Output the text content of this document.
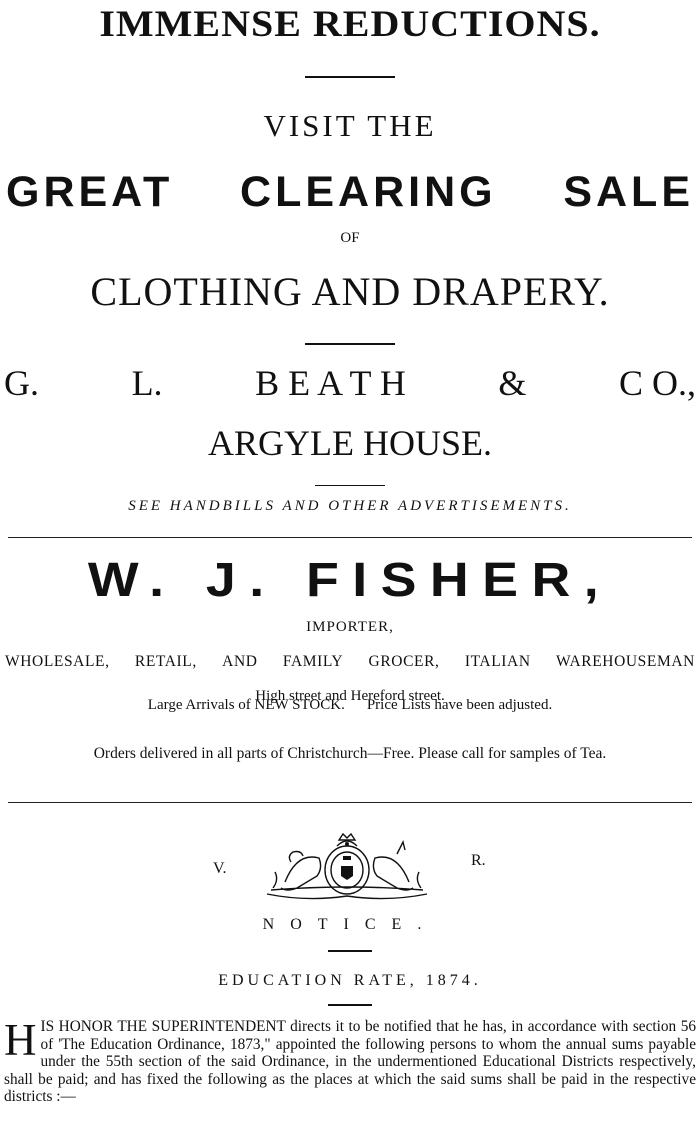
IMMENSE REDUCTIONS.
VISIT THE
GREAT CLEARING SALE
OF
CLOTHING AND DRAPERY.
G.	L.	B E A T H	&	C O.,
ARGYLE HOUSE.
SEE HANDBILLS AND OTHER ADVERTISEMENTS.
W. J. FISHER,
IMPORTER,
WHOLESALE, RETAIL, AND FAMILY GROCER, ITALIAN WAREHOUSEMAN
High street and Hereford street.
Large Arrivals of NEW STOCK. Price Lists have been adjusted.
Orders delivered in all parts of Christchurch—Free. Please call for samples of Tea.
V.	R.
NOTICE.
EDUCATION RATE, 1874.
HIS HONOR THE SUPERINTENDENT directs it to be notified that he has, in accordance with section 56 of 'The Education Ordinance, 1873," appointed the following persons to whom the annual sums payable under the 55th section of the said Ordinance, in the undermentioned Educational Districts respectively, shall be paid; and has fixed the following as the places at which the said sums shall be paid in the respective districts :—
